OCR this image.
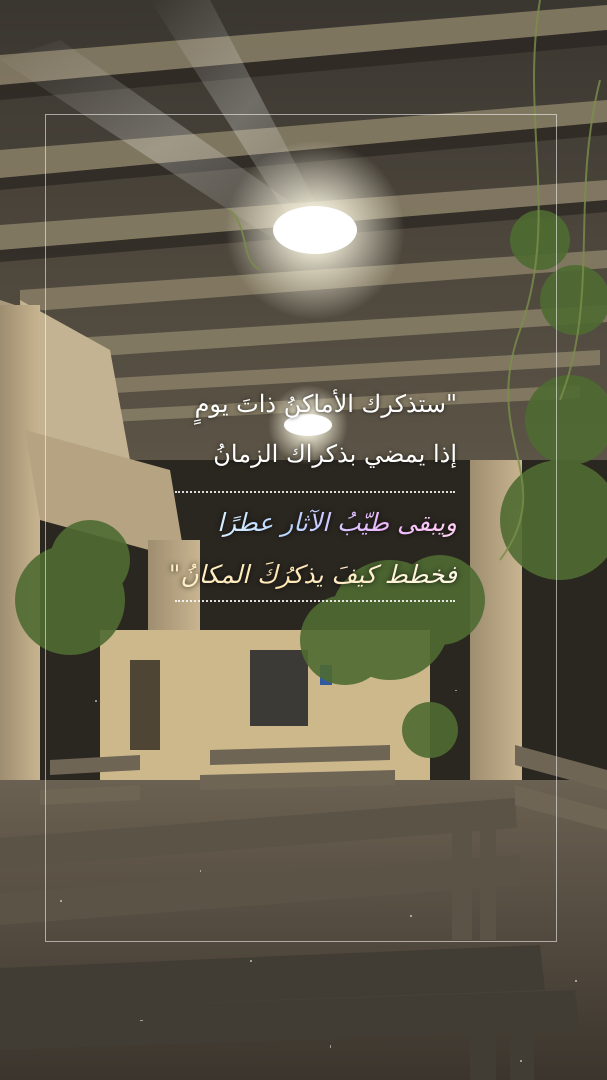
"ستذكرك الأماكنُ ذاتَ يومٍ
إذا يمضي بذكراك الزمانُ
ويبقى طيّبُ الآثارِ عطرًا
فخطط كيفَ يذكرُكَ المكانُ"
